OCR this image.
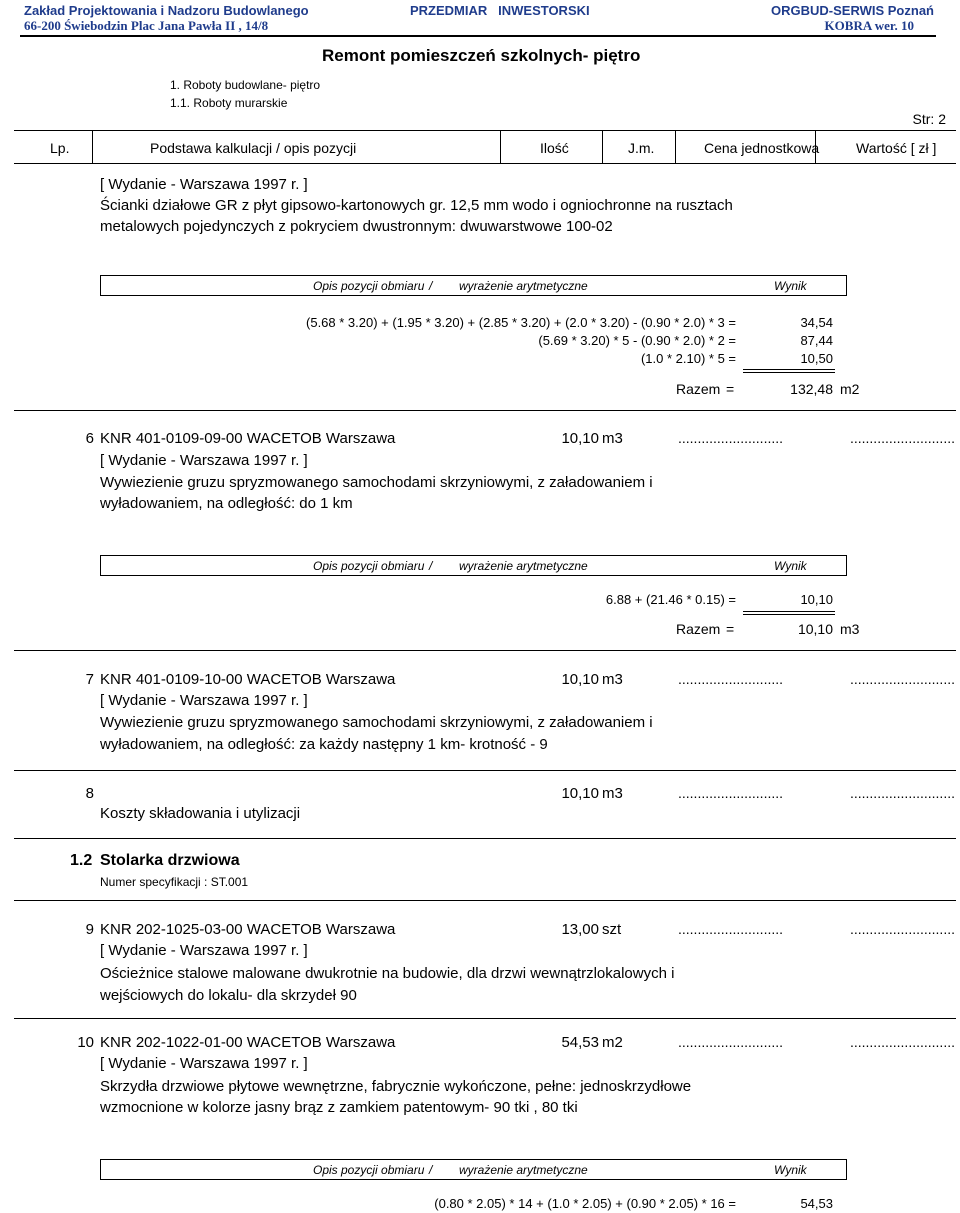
Zakład Projektowania i Nadzoru Budowlanego
66-200 Świebodzin Plac Jana Pawła II , 14/8
PRZEDMIAR INWESTORSKI	ORGBUD-SERWIS Poznań
KOBRA wer. 10
Remont pomieszczeń szkolnych- piętro
1. Roboty budowlane- piętro
1.1. Roboty murarskie
Str: 2
Lp.	Podstawa kalkulacji / opis pozycji	Ilość	J.m.	Cena jednostkowa	Wartość [ zł ]
[ Wydanie - Warszawa 1997 r. ]
Ścianki działowe GR z płyt gipsowo-kartonowych gr. 12,5 mm wodo i ogniochronne na rusztach
metalowych pojedynczych z pokryciem dwustronnym: dwuwarstwowe 100-02
Opis pozycji obmiaru / wyrażenie arytmetyczne	Wynik
(5.68 * 3.20) + (1.95 * 3.20) + (2.85 * 3.20) + (2.0 * 3.20) - (0.90 * 2.0) * 3 =	34,54
(5.69 * 3.20) * 5 - (0.90 * 2.0) * 2 =	87,44
(1.0 * 2.10) * 5 =	10,50
Razem =	132,48 m2
6 KNR 401-0109-09-00 WACETOB Warszawa	10,10 m3	...........................	...........................
[ Wydanie - Warszawa 1997 r. ]
Wywiezienie gruzu spryzmowanego samochodami skrzyniowymi, z załadowaniem i
wyładowaniem, na odległość: do 1 km
Opis pozycji obmiaru / wyrażenie arytmetyczne	Wynik
6.88 + (21.46 * 0.15) =	10,10
Razem =	10,10 m3
7 KNR 401-0109-10-00 WACETOB Warszawa	10,10 m3	...........................	...........................
[ Wydanie - Warszawa 1997 r. ]
Wywiezienie gruzu spryzmowanego samochodami skrzyniowymi, z załadowaniem i
wyładowaniem, na odległość: za każdy następny 1 km- krotność - 9
8	10,10 m3	...........................	...........................
Koszty składowania i utylizacji
1.2 Stolarka drzwiowa
Numer specyfikacji : ST.001
9 KNR 202-1025-03-00 WACETOB Warszawa	13,00 szt	...........................	...........................
[ Wydanie - Warszawa 1997 r. ]
Ościeżnice stalowe malowane dwukrotnie na budowie, dla drzwi wewnątrzlokalowych i
wejściowych do lokalu- dla skrzydeł 90
10 KNR 202-1022-01-00 WACETOB Warszawa	54,53 m2	...........................	...........................
[ Wydanie - Warszawa 1997 r. ]
Skrzydła drzwiowe płytowe wewnętrzne, fabrycznie wykończone, pełne: jednoskrzydłowe
wzmocnione w kolorze jasny brąz z zamkiem patentowym- 90 tki , 80 tki
Opis pozycji obmiaru / wyrażenie arytmetyczne	Wynik
(0.80 * 2.05) * 14 + (1.0 * 2.05) + (0.90 * 2.05) * 16 =	54,53
